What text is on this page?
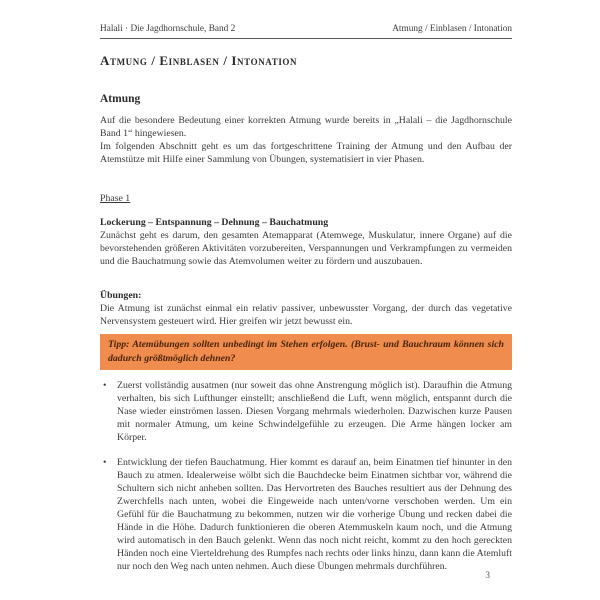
Halali · Die Jagdhornschule, Band 2	Atmung / Einblasen / Intonation
Atmung / Einblasen / Intonation
Atmung

Auf die besondere Bedeutung einer korrekten Atmung wurde bereits in „Halali – die Jagdhornschule Band 1“ hingewiesen.

Im folgenden Abschnitt geht es um das fortgeschrittene Training der Atmung und den Aufbau der Atemstütze mit Hilfe einer Sammlung von Übungen, systematisiert in vier Phasen.

Phase 1

Lockerung – Entspannung – Dehnung – Bauchatmung

Zunächst geht es darum, den gesamten Atemapparat (Atemwege, Muskulatur, innere Organe) auf die bevorstehenden größeren Aktivitäten vorzubereiten, Verspannungen und Verkrampfungen zu vermeiden und die Bauchatmung sowie das Atemvolumen weiter zu fördern und auszubauen.

Übungen:

Die Atmung ist zunächst einmal ein relativ passiver, unbewusster Vorgang, der durch das vegetative Nervensystem gesteuert wird. Hier greifen wir jetzt bewusst ein.

Tipp: Atemübungen sollten unbedingt im Stehen erfolgen. (Brust- und Bauchraum können sich dadurch größtmöglich dehnen?
• Zuerst vollständig ausatmen (nur soweit das ohne Anstrengung möglich ist). Daraufhin die Atmung verhalten, bis sich Lufthunger einstellt; anschließend die Luft, wenn möglich, entspannt durch die Nase wieder einströmen lassen. Diesen Vorgang mehrmals wiederholen. Dazwischen kurze Pausen mit normaler Atmung, um keine Schwindelgefühle zu erzeugen. Die Arme hängen locker am Körper.
• Entwicklung der tiefen Bauchatmung. Hier kommt es darauf an, beim Einatmen tief hinunter in den Bauch zu atmen. Idealerweise wölbt sich die Bauchdecke beim Einatmen sichtbar vor, während die Schultern sich nicht anheben sollten. Das Hervortreten des Bauches resultiert aus der Dehnung des Zwerchfells nach unten, wobei die Eingeweide nach unten/vorne verschoben werden. Um ein Gefühl für die Bauchatmung zu bekommen, nutzen wir die vorherige Übung und recken dabei die Hände in die Höhe. Dadurch funktionieren die oberen Atemmuskeln kaum noch, und die Atmung wird automatisch in den Bauch gelenkt. Wenn das noch nicht reicht, kommt zu den hoch gereckten Händen noch eine Vierteldrehung des Rumpfes nach rechts oder links hinzu, dann kann die Atemluft nur noch den Weg nach unten nehmen. Auch diese Übungen mehrmals durchführen.
3
